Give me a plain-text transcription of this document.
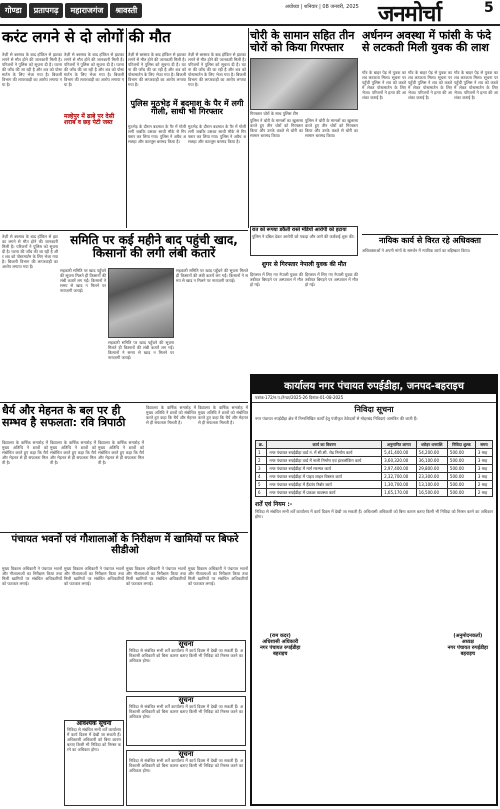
गोण्डा	प्रतापगढ़	महाराजगंज	श्रावस्ती	अयोध्या | शनिवार | 08 जनवरी, 2025 जनमोर्चा	5
करंट लगने से दो लोगों की मौत
तेज़ी से बरसाव के बाद हॉकिन से झटका लगने से मौत होने की जानकारी मिली है। परिजनों ने पुलिस को सूचना दी है। घटना की जाँच की जा रही है और शव को पोस्टमार्टम के लिए भेजा गया है। बिजली विभाग की लापरवाही का आरोप लगाया गया है।
तेज़ी से बरसाव के बाद हॉकिन से झटका लगने से मौत होने की जानकारी मिली है। परिजनों ने पुलिस को सूचना दी है। घटना की जाँच की जा रही है और शव को पोस्टमार्टम के लिए भेजा गया है। बिजली विभाग की लापरवाही का आरोप लगाया गया है।
मल्हेपुर में ढाबे पर देसी शराब व छह पेटी जब्त
पुलिस मुठभेड़ में बदमाश के पैर में लगी गोली, साथी भी गिरफ्तार
मुठभेड़ के दौरान बदमाश के पैर में गोली लगी जबकि उसका साथी मौके से गिरफ्तार कर लिया गया। पुलिस ने अवैध असलहा और कारतूस बरामद किया है।
मुठभेड़ के दौरान बदमाश के पैर में गोली लगी जबकि उसका साथी मौके से गिरफ्तार कर लिया गया। पुलिस ने अवैध असलहा और कारतूस बरामद किया है।
तेज़ी से बरसाव के बाद हॉकिन से झटका लगने से मौत होने की जानकारी मिली है। परिजनों ने पुलिस को सूचना दी है। घटना की जाँच की जा रही है और शव को पोस्टमार्टम के लिए भेजा गया है। बिजली विभाग की लापरवाही का आरोप लगाया गया है।
तेज़ी से बरसाव के बाद हॉकिन से झटका लगने से मौत होने की जानकारी मिली है। परिजनों ने पुलिस को सूचना दी है। घटना की जाँच की जा रही है और शव को पोस्टमार्टम के लिए भेजा गया है। बिजली विभाग की लापरवाही का आरोप लगाया गया है।
चोरी के सामान सहित तीन चोरों को किया गिरफ्तार
गिरफ्तार चोरों के साथ पुलिस टीम
पुलिस ने चोरी के मामलों का खुलासा करते हुए तीन चोरों को गिरफ्तार किया और उनके कब्जे से चोरी का सामान बरामद किया।
पुलिस ने चोरी के मामलों का खुलासा करते हुए तीन चोरों को गिरफ्तार किया और उनके कब्जे से चोरी का सामान बरामद किया।
अर्धनग्न अवस्था में फांसी के फंदे से लटकती मिली युवक की लाश
गाँव के बाहर पेड़ से युवक का शव लटकता मिला। सूचना पर पहुँची पुलिस ने शव को कब्जे में लेकर पोस्टमार्टम के लिए भेजा। परिजनों ने हत्या की आशंका जताई है।
गाँव के बाहर पेड़ से युवक का शव लटकता मिला। सूचना पर पहुँची पुलिस ने शव को कब्जे में लेकर पोस्टमार्टम के लिए भेजा। परिजनों ने हत्या की आशंका जताई है।
गाँव के बाहर पेड़ से युवक का शव लटकता मिला। सूचना पर पहुँची पुलिस ने शव को कब्जे में लेकर पोस्टमार्टम के लिए भेजा। परिजनों ने हत्या की आशंका जताई है।
रात को रूपया डकैती रास्ते मंडियों आरोपी को हटाया
पुलिस ने दबिश देकर आरोपी को पकड़ा और आगे की कार्रवाई शुरू की।	नायिक कार्य से विरत रहे अधिवक्ता
अधिवक्ताओं ने अपनी मांगों के समर्थन में न्यायिक कार्य का बहिष्कार किया।
समिति पर कई महीने बाद पहुंची खाद, किसानों की लगी लंबी कतारें
तेज़ी से बरसाव के बाद हॉकिन से झटका लगने से मौत होने की जानकारी मिली है। परिजनों ने पुलिस को सूचना दी है। घटना की जाँच की जा रही है और शव को पोस्टमार्टम के लिए भेजा गया है। बिजली विभाग की लापरवाही का आरोप लगाया गया है।
सहकारी समिति पर खाद पहुँचने की सूचना मिलते ही किसानों की लंबी कतारें लग गईं। किसानों ने समय से खाद न मिलने पर नाराज़गी जताई।
सहकारी समिति पर खाद पहुँचने की सूचना मिलते ही किसानों की लंबी कतारें लग गईं। किसानों ने समय से खाद न मिलने पर नाराज़गी जताई।
सहकारी समिति पर खाद पहुँचने की सूचना मिलते ही किसानों की लंबी कतारें लग गईं। किसानों ने समय से खाद न मिलने पर नाराज़गी जताई।
धैर्य और मेहनत के बल पर ही सम्भव है सफलता: रवि त्रिपाठी
विद्यालय के वार्षिक समारोह में मुख्य अतिथि ने छात्रों को संबोधित करते हुए कहा कि धैर्य और मेहनत से ही सफलता मिलती है।
विद्यालय के वार्षिक समारोह में मुख्य अतिथि ने छात्रों को संबोधित करते हुए कहा कि धैर्य और मेहनत से ही सफलता मिलती है।
विद्यालय के वार्षिक समारोह में मुख्य अतिथि ने छात्रों को संबोधित करते हुए कहा कि धैर्य और मेहनत से ही सफलता मिलती है।
विद्यालय के वार्षिक समारोह में मुख्य अतिथि ने छात्रों को संबोधित करते हुए कहा कि धैर्य और मेहनत से ही सफलता मिलती है।
विद्यालय के वार्षिक समारोह में मुख्य अतिथि ने छात्रों को संबोधित करते हुए कहा कि धैर्य और मेहनत से ही सफलता मिलती है।
शुगर से गिरफ्तार नेपाली युवक की मौत
हिरासत में लिए गए नेपाली युवक की तबीयत बिगड़ने पर अस्पताल में मौत हो गई।
हिरासत में लिए गए नेपाली युवक की तबीयत बिगड़ने पर अस्पताल में मौत हो गई।
कार्यालय नगर पंचायत रुपईडीहा, जनपद-बहराइच
पत्रांक-172/न.प./टेन्डर/2025-26 दिनांक-01-08-2025
निविदा सूचना
नगर पंचायत रुपईडीहा क्षेत्र में निम्नलिखित कार्यों हेतु पंजीकृत ठेकेदारों से मोहरबंद निविदाएं आमंत्रित की जाती हैं।
क्र.	कार्य का विवरण	अनुमानित लागत	धरोहर धनराशि	निविदा शुल्क	समय
1	नगर पंचायत रुपईडीहा वार्ड नं. में सी.सी. रोड निर्माण कार्य	5,41,400.00	54,200.00	500.00	3 माह
2	नगर पंचायत रुपईडीहा वार्ड में नाली निर्माण एवं इंटरलॉकिंग कार्य	3,60,320.00	36,100.00	500.00	3 माह
3	नगर पंचायत रुपईडीहा में मार्ग मरम्मत कार्य	2,97,400.00	29,800.00	500.00	3 माह
4	नगर पंचायत रुपईडीहा में पाइप लाइन विस्तार कार्य	2,32,700.00	23,300.00	500.00	3 माह
5	नगर पंचायत रुपईडीहा में हैंडपंप रिबोर कार्य	1,30,700.00	13,100.00	500.00	2 माह
6	नगर पंचायत रुपईडीहा में प्रकाश व्यवस्था कार्य	1,65,170.00	16,500.00	500.00	2 माह
शर्तें एवं नियम :-
निविदा से संबंधित सभी शर्तें कार्यालय में कार्य दिवस में देखी जा सकती हैं। अधिशासी अधिकारी को बिना कारण बताए किसी भी निविदा को निरस्त करने का अधिकार होगा।
(राम कदर)
अधिशासी अधिकारी
नगर पंचायत रुपईडीहा
बहराइच
(अनुमोदनकर्ता)
अध्यक्ष
नगर पंचायत रुपईडीहा
बहराइच
पंचायत भवनों एवं गौशालाओं के निरीक्षण में खामियों पर बिफरे सीडीओ
मुख्य विकास अधिकारी ने पंचायत भवनों और गौशालाओं का निरीक्षण किया तथा मिली खामियों पर संबंधित अधिकारियों को फटकार लगाई।
मुख्य विकास अधिकारी ने पंचायत भवनों और गौशालाओं का निरीक्षण किया तथा मिली खामियों पर संबंधित अधिकारियों को फटकार लगाई।
मुख्य विकास अधिकारी ने पंचायत भवनों और गौशालाओं का निरीक्षण किया तथा मिली खामियों पर संबंधित अधिकारियों को फटकार लगाई।
मुख्य विकास अधिकारी ने पंचायत भवनों और गौशालाओं का निरीक्षण किया तथा मिली खामियों पर संबंधित अधिकारियों को फटकार लगाई।
सूचना
निविदा से संबंधित सभी शर्तें कार्यालय में कार्य दिवस में देखी जा सकती हैं। अधिशासी अधिकारी को बिना कारण बताए किसी भी निविदा को निरस्त करने का अधिकार होगा।
सूचना
निविदा से संबंधित सभी शर्तें कार्यालय में कार्य दिवस में देखी जा सकती हैं। अधिशासी अधिकारी को बिना कारण बताए किसी भी निविदा को निरस्त करने का अधिकार होगा।
आवश्यक सूचना
निविदा से संबंधित सभी शर्तें कार्यालय में कार्य दिवस में देखी जा सकती हैं। अधिशासी अधिकारी को बिना कारण बताए किसी भी निविदा को निरस्त करने का अधिकार होगा।
सूचना
निविदा से संबंधित सभी शर्तें कार्यालय में कार्य दिवस में देखी जा सकती हैं। अधिशासी अधिकारी को बिना कारण बताए किसी भी निविदा को निरस्त करने का अधिकार होगा।
